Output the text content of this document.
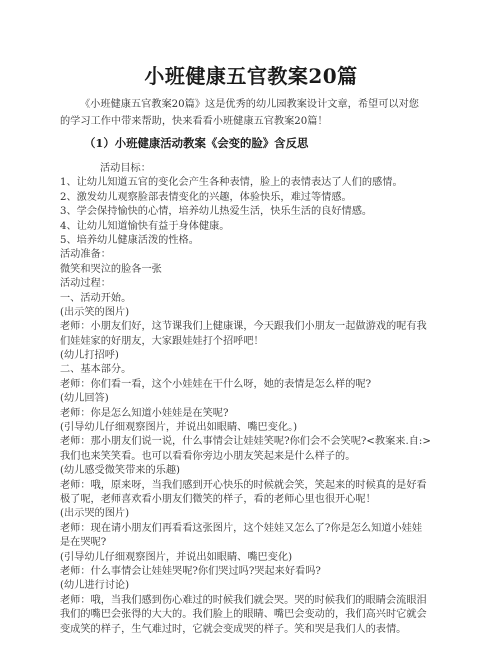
小班健康五官教案20篇
《小班健康五官教案20篇》这是优秀的幼儿园教案设计文章，希望可以对您
的学习工作中带来帮助，快来看看小班健康五官教案20篇！
（1）小班健康活动教案《会变的脸》含反思
活动目标：
1、让幼儿知道五官的变化会产生各种表情，脸上的表情表达了人们的感情。
2、激发幼儿观察脸部表情变化的兴趣，体验快乐，难过等情感。
3、学会保持愉快的心情，培养幼儿热爱生活，快乐生活的良好情感。
4、让幼儿知道愉快有益于身体健康。
5、培养幼儿健康活泼的性格。
活动准备：
微笑和哭泣的脸各一张
活动过程：
一、活动开始。
(出示笑的图片)
老师：小朋友们好，这节课我们上健康课，今天跟我们小朋友一起做游戏的呢有我
们娃娃家的好朋友，大家跟娃娃打个招呼吧！
(幼儿打招呼)
二、基本部分。
老师：你们看一看，这个小娃娃在干什么呀，她的表情是怎么样的呢?
(幼儿回答)
老师：你是怎么知道小娃娃是在笑呢?
(引导幼儿仔细观察图片，并说出如眼睛、嘴巴变化。)
老师：那小朋友们说一说，什么事情会让娃娃笑呢?你们会不会笑呢?<教案来.自:>
我们也来笑笑看。也可以看看你旁边小朋友笑起来是什么样子的。
(幼儿感受微笑带来的乐趣)
老师：哦，原来呀，当我们感到开心快乐的时候就会笑，笑起来的时候真的是好看
极了呢，老师喜欢看小朋友们微笑的样子，看的老师心里也很开心呢！
(出示哭的图片)
老师：现在请小朋友们再看看这张图片，这个娃娃又怎么了?你是怎么知道小娃娃
是在哭呢?
(引导幼儿仔细观察图片，并说出如眼睛、嘴巴变化)
老师：什么事情会让娃娃哭呢?你们哭过吗?哭起来好看吗?
(幼儿进行讨论)
老师：哦，当我们感到伤心难过的时候我们就会哭。哭的时候我们的眼睛会流眼泪
我们的嘴巴会张得的大大的。我们脸上的眼睛、嘴巴会变动的，我们高兴时它就会
变成笑的样子，生气难过时，它就会变成哭的样子。笑和哭是我们人的表情。
